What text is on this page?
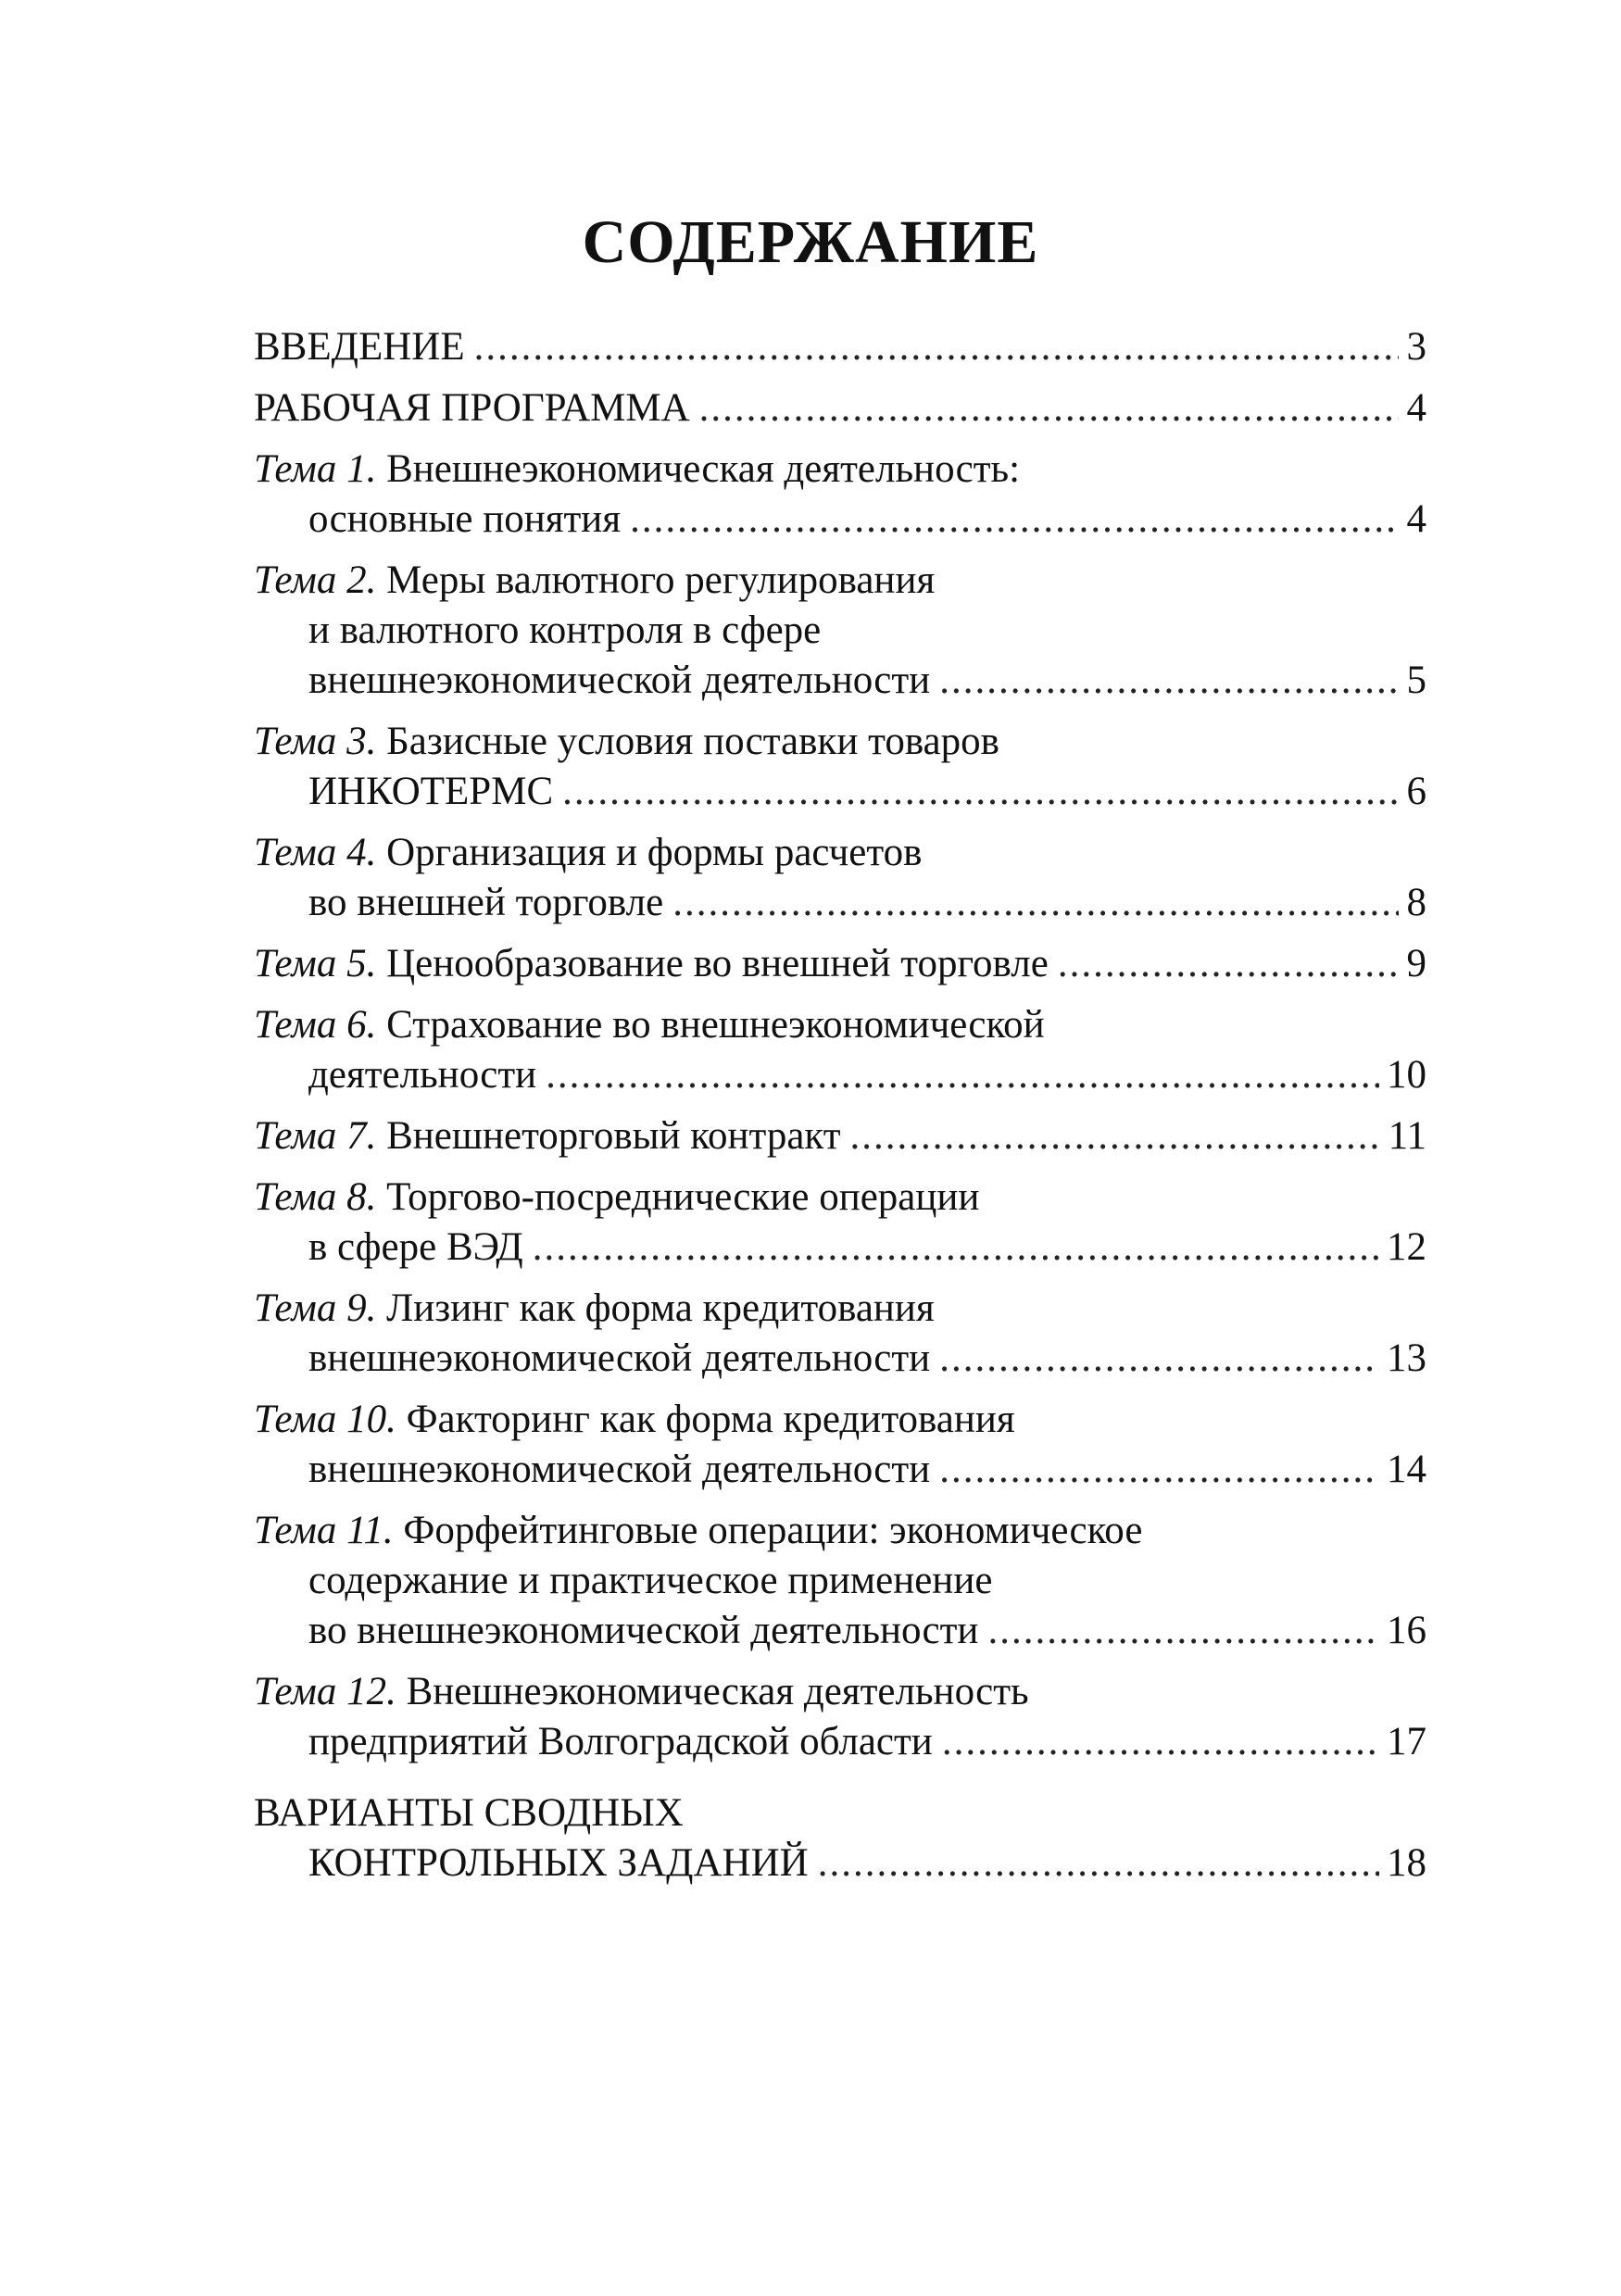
СОДЕРЖАНИЕ
ВВЕДЕНИЕ .....	3
РАБОЧАЯ ПРОГРАММА .....	4
Тема 1. Внешнеэкономическая деятельность:
основные понятия .....	4
Тема 2. Меры валютного регулирования
и валютного контроля в сфере
внешнеэкономической деятельности .....	5
Тема 3. Базисные условия поставки товаров
ИНКОТЕРМС .....	6
Тема 4. Организация и формы расчетов
во внешней торговле .....	8
Тема 5. Ценообразование во внешней торговле .....	9
Тема 6. Страхование во внешнеэкономической
деятельности .....	10
Тема 7. Внешнеторговый контракт .....	11
Тема 8. Торгово-посреднические операции
в сфере ВЭД .....	12
Тема 9. Лизинг как форма кредитования
внешнеэкономической деятельности .....	13
Тема 10. Факторинг как форма кредитования
внешнеэкономической деятельности .....	14
Тема 11. Форфейтинговые операции: экономическое
содержание и практическое применение
во внешнеэкономической деятельности .....	16
Тема 12. Внешнеэкономическая деятельность
предприятий Волгоградской области .....	17
ВАРИАНТЫ СВОДНЫХ
КОНТРОЛЬНЫХ ЗАДАНИЙ .....	18
